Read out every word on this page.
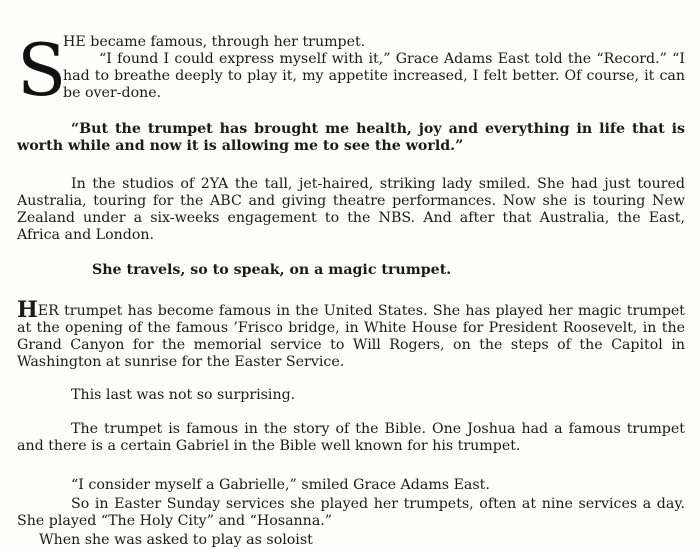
S
HE became famous, through her trumpet.
“I found I could express myself with it,” Grace Adams East told the “Record.” “I had to breathe deeply to play it, my appetite increased, I felt better. Of course, it can be over-done.

“But the trumpet has brought me health, joy and everything in life that is worth while and now it is allowing me to see the world.”

In the studios of 2YA the tall, jet-haired, striking lady smiled. She had just toured Australia, touring for the ABC and giving theatre performances. Now she is touring New Zealand under a six-weeks engagement to the NBS. And after that Australia, the East, Africa and London.

She travels, so to speak, on a magic trumpet.

HER trumpet has become famous in the United States. She has played her magic trumpet at the opening of the famous ’Frisco bridge, in White House for President Roosevelt, in the Grand Canyon for the memorial service to Will Rogers, on the steps of the Capitol in Washington at sunrise for the Easter Service.

This last was not so surprising.

The trumpet is famous in the story of the Bible. One Joshua had a famous trumpet and there is a certain Gabriel in the Bible well known for his trumpet.

“I consider myself a Gabrielle,” smiled Grace Adams East.

So in Easter Sunday services she played her trumpets, often at nine services a day. She played “The Holy City” and “Hosanna.”

When she was asked to play as soloist
